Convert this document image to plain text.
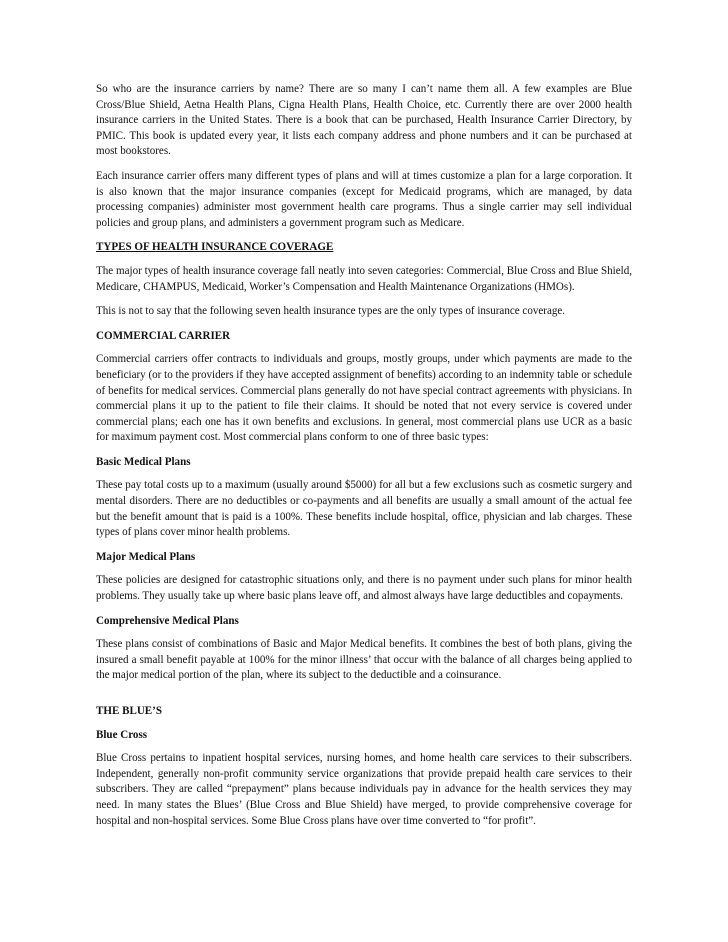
So who are the insurance carriers by name? There are so many I can’t name them all. A few examples are Blue Cross/Blue Shield, Aetna Health Plans, Cigna Health Plans, Health Choice, etc. Currently there are over 2000 health insurance carriers in the United States. There is a book that can be purchased, Health Insurance Carrier Directory, by PMIC. This book is updated every year, it lists each company address and phone numbers and it can be purchased at most bookstores.
Each insurance carrier offers many different types of plans and will at times customize a plan for a large corporation. It is also known that the major insurance companies (except for Medicaid programs, which are managed, by data processing companies) administer most government health care programs. Thus a single carrier may sell individual policies and group plans, and administers a government program such as Medicare.
TYPES OF HEALTH INSURANCE COVERAGE
The major types of health insurance coverage fall neatly into seven categories: Commercial, Blue Cross and Blue Shield, Medicare, CHAMPUS, Medicaid, Worker’s Compensation and Health Maintenance Organizations (HMOs).
This is not to say that the following seven health insurance types are the only types of insurance coverage.
COMMERCIAL CARRIER
Commercial carriers offer contracts to individuals and groups, mostly groups, under which payments are made to the beneficiary (or to the providers if they have accepted assignment of benefits) according to an indemnity table or schedule of benefits for medical services. Commercial plans generally do not have special contract agreements with physicians. In commercial plans it up to the patient to file their claims. It should be noted that not every service is covered under commercial plans; each one has it own benefits and exclusions. In general, most commercial plans use UCR as a basic for maximum payment cost. Most commercial plans conform to one of three basic types:
Basic Medical Plans
These pay total costs up to a maximum (usually around $5000) for all but a few exclusions such as cosmetic surgery and mental disorders. There are no deductibles or co-payments and all benefits are usually a small amount of the actual fee but the benefit amount that is paid is a 100%. These benefits include hospital, office, physician and lab charges. These types of plans cover minor health problems.
Major Medical Plans
These policies are designed for catastrophic situations only, and there is no payment under such plans for minor health problems. They usually take up where basic plans leave off, and almost always have large deductibles and copayments.
Comprehensive Medical Plans
These plans consist of combinations of Basic and Major Medical benefits. It combines the best of both plans, giving the insured a small benefit payable at 100% for the minor illness’ that occur with the balance of all charges being applied to the major medical portion of the plan, where its subject to the deductible and a coinsurance.
THE BLUE’S
Blue Cross
Blue Cross pertains to inpatient hospital services, nursing homes, and home health care services to their subscribers. Independent, generally non-profit community service organizations that provide prepaid health care services to their subscribers. They are called “prepayment” plans because individuals pay in advance for the health services they may need. In many states the Blues’ (Blue Cross and Blue Shield) have merged, to provide comprehensive coverage for hospital and non-hospital services. Some Blue Cross plans have over time converted to “for profit”.
